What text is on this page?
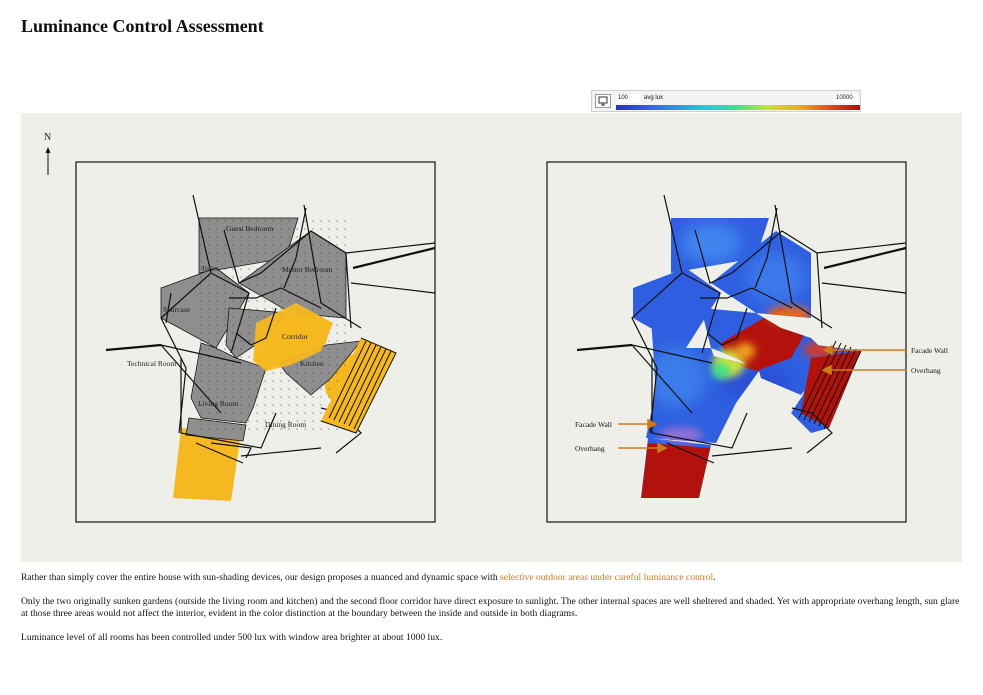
Luminance Control Assessment
100	avg lux	10000
N
Guest Bedroom
Toilet	Master Bedroom
Staircase
Corridor
Technical Room	Kitchen
Living Room
Dining Room
Facade Wall
Overhang
Facade Wall
Overhang

Rather than simply cover the entire house with sun-shading devices, our design proposes a nuanced and dynamic space with selective outdoor areas under careful luminance control.

Only the two originally sunken gardens (outside the living room and kitchen) and the second floor corridor have direct exposure to sunlight. The other internal spaces are well sheltered and shaded. Yet with appropriate overhang length, sun glare at those three areas would not affect the interior, evident in the color distinction at the boundary between the inside and outside in both diagrams.

Luminance level of all rooms has been controlled under 500 lux with window area brighter at about 1000 lux.
